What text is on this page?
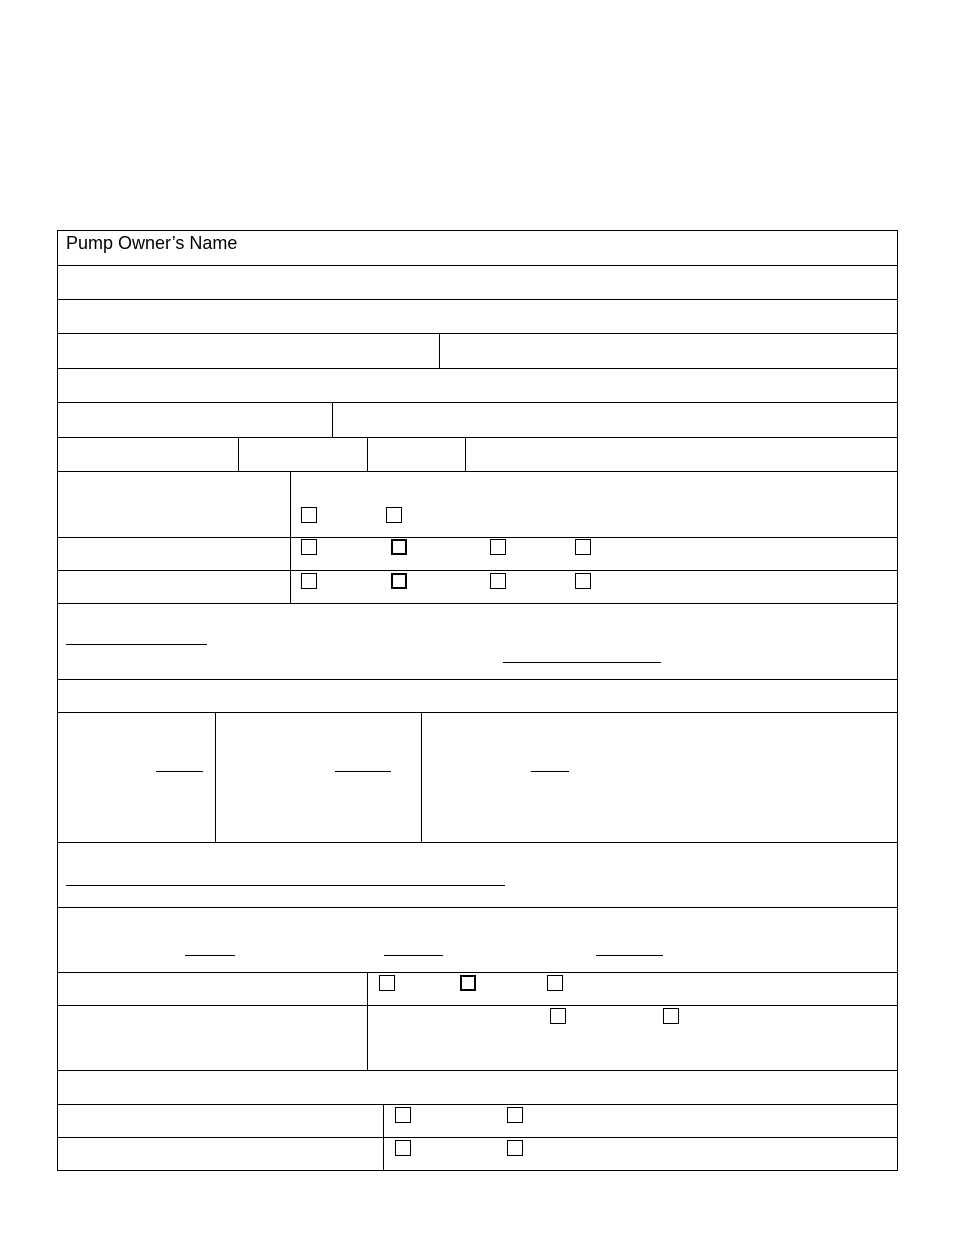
Pump Owner’s Name
